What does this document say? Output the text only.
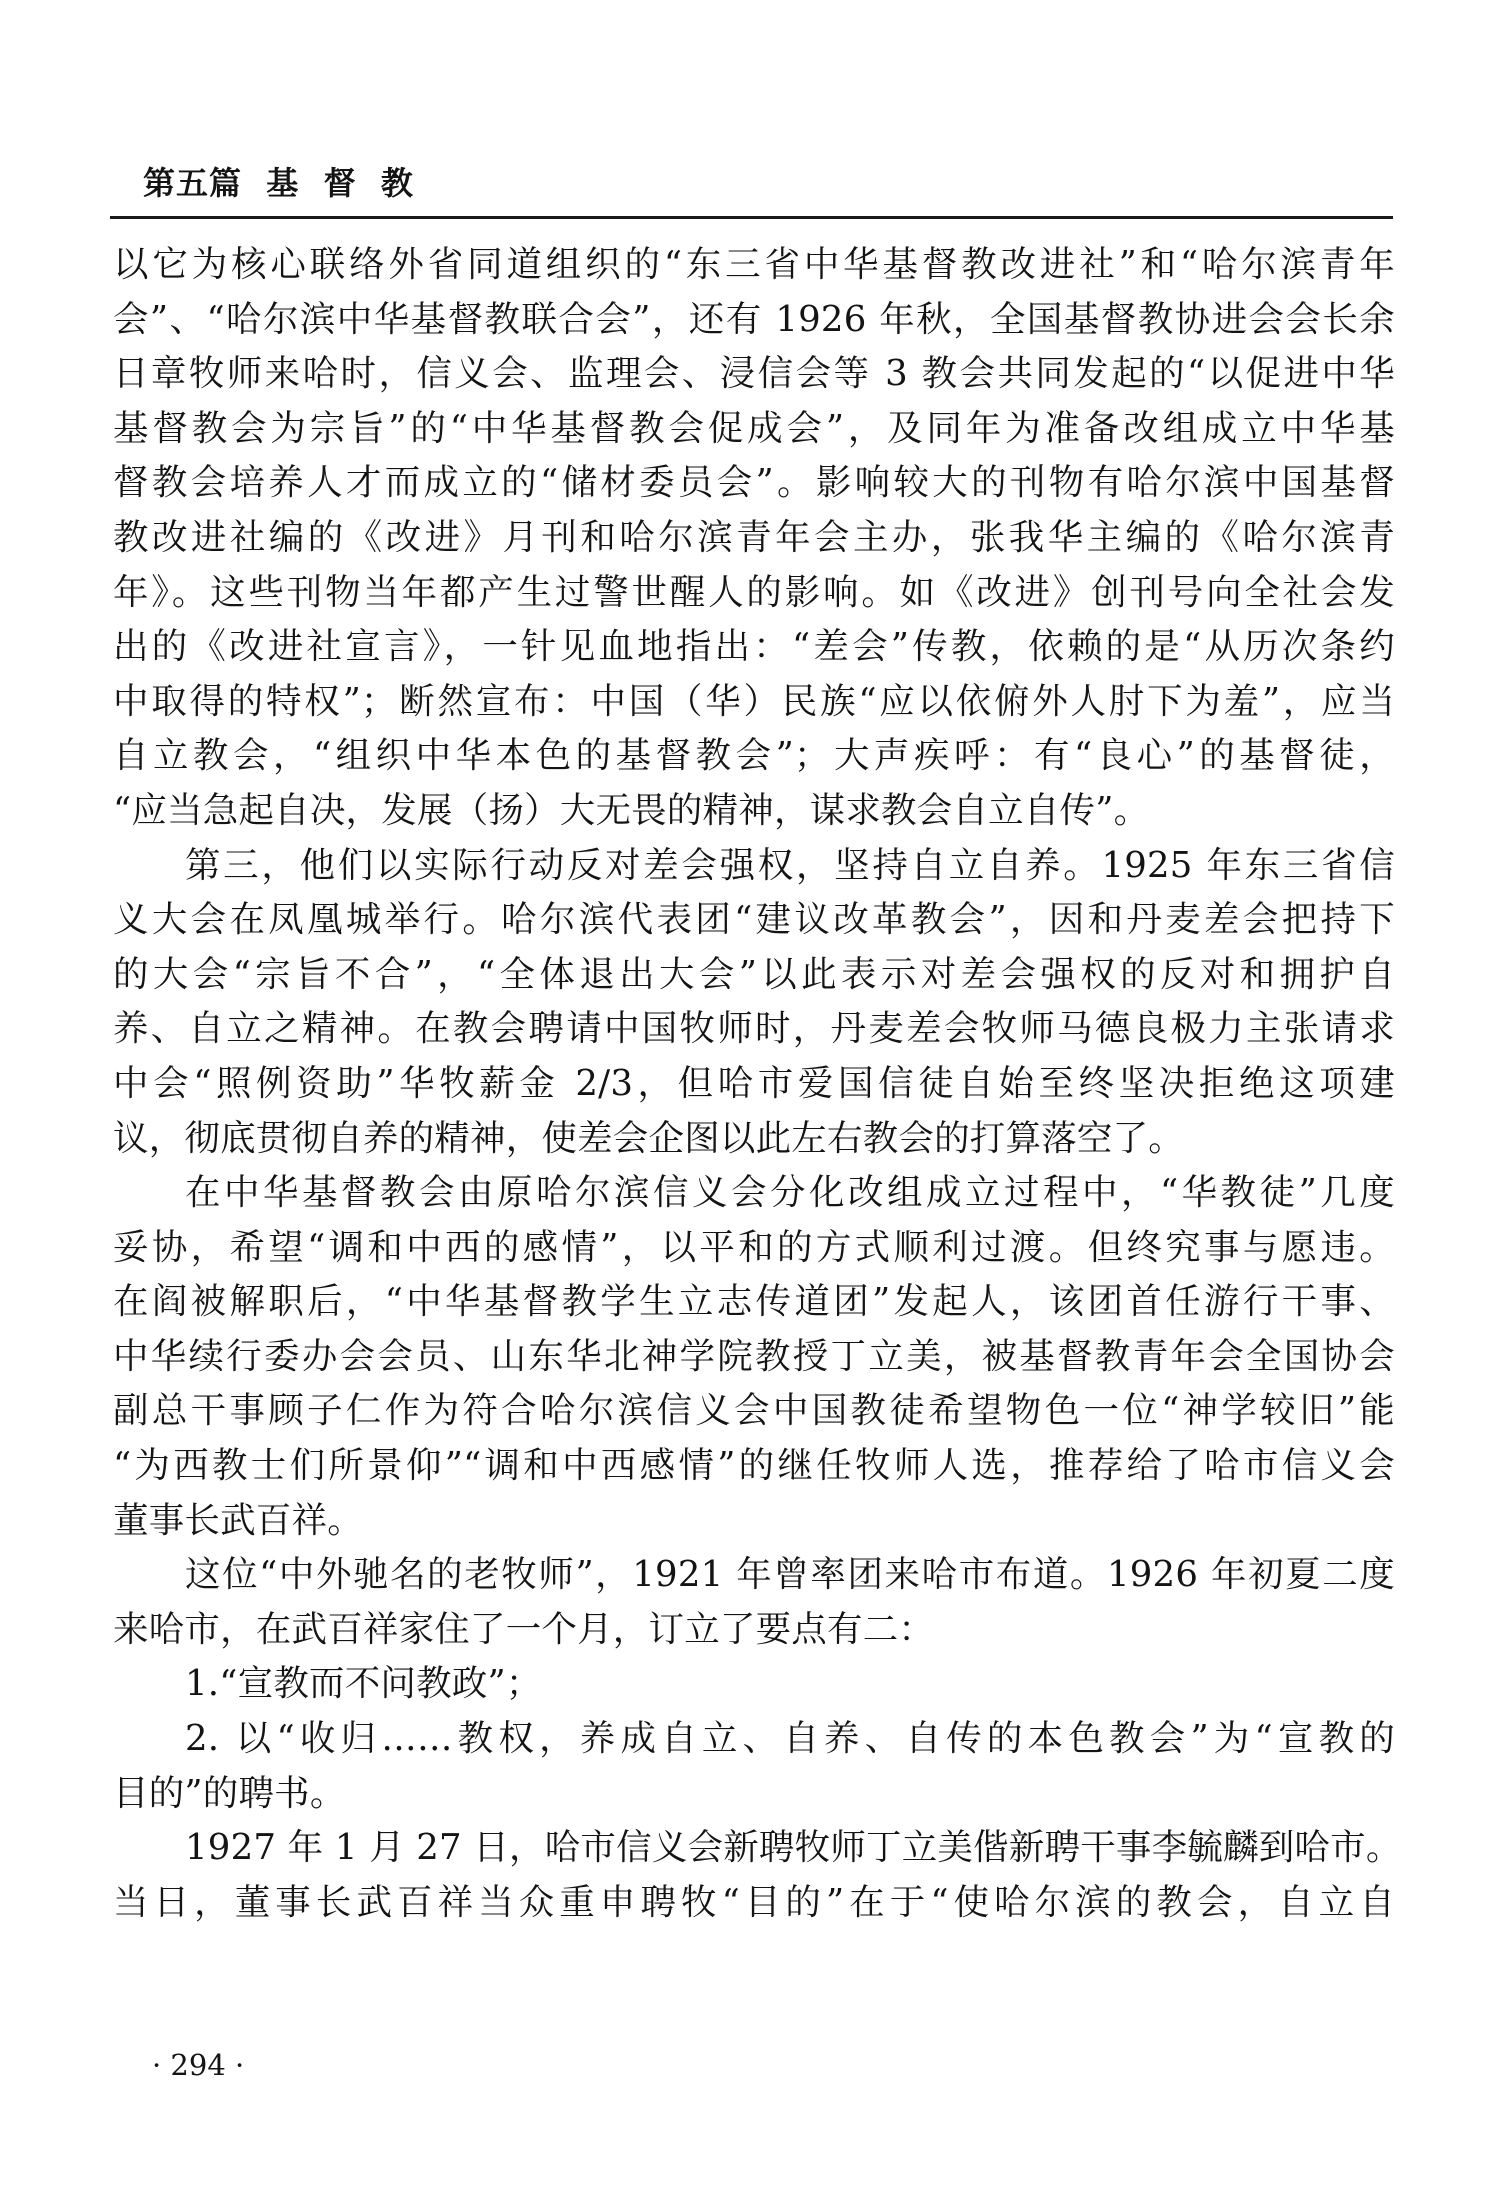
第五篇  基  督  教
以它为核心联络外省同道组织的“东三省中华基督教改进社”和“哈尔滨青年
会”、“哈尔滨中华基督教联合会”，还有 1926 年秋，全国基督教协进会会长余
日章牧师来哈时，信义会、监理会、浸信会等 3 教会共同发起的“以促进中华
基督教会为宗旨”的“中华基督教会促成会”，及同年为准备改组成立中华基
督教会培养人才而成立的“储材委员会”。影响较大的刊物有哈尔滨中国基督
教改进社编的《改进》月刊和哈尔滨青年会主办，张我华主编的《哈尔滨青
年》。这些刊物当年都产生过警世醒人的影响。如《改进》创刊号向全社会发
出的《改进社宣言》，一针见血地指出：“差会”传教，依赖的是“从历次条约
中取得的特权”；断然宣布：中国（华）民族“应以依俯外人肘下为羞”，应当
自立教会，“组织中华本色的基督教会”；大声疾呼：有“良心”的基督徒，
“应当急起自决，发展（扬）大无畏的精神，谋求教会自立自传”。
第三，他们以实际行动反对差会强权，坚持自立自养。1925 年东三省信
义大会在凤凰城举行。哈尔滨代表团“建议改革教会”，因和丹麦差会把持下
的大会“宗旨不合”，“全体退出大会”以此表示对差会强权的反对和拥护自
养、自立之精神。在教会聘请中国牧师时，丹麦差会牧师马德良极力主张请求
中会“照例资助”华牧薪金 2/3，但哈市爱国信徒自始至终坚决拒绝这项建
议，彻底贯彻自养的精神，使差会企图以此左右教会的打算落空了。
在中华基督教会由原哈尔滨信义会分化改组成立过程中，“华教徒”几度
妥协，希望“调和中西的感情”，以平和的方式顺利过渡。但终究事与愿违。
在阎被解职后，“中华基督教学生立志传道团”发起人，该团首任游行干事、
中华续行委办会会员、山东华北神学院教授丁立美，被基督教青年会全国协会
副总干事顾子仁作为符合哈尔滨信义会中国教徒希望物色一位“神学较旧”能
“为西教士们所景仰”“调和中西感情”的继任牧师人选，推荐给了哈市信义会
董事长武百祥。
这位“中外驰名的老牧师”，1921 年曾率团来哈市布道。1926 年初夏二度
来哈市，在武百祥家住了一个月，订立了要点有二：
1.“宣教而不问教政”；
2. 以“收归……教权，养成自立、自养、自传的本色教会”为“宣教的
目的”的聘书。
1927 年 1 月 27 日，哈市信义会新聘牧师丁立美偕新聘干事李毓麟到哈市。
当日，董事长武百祥当众重申聘牧“目的”在于“使哈尔滨的教会，自立自
· 294 ·
